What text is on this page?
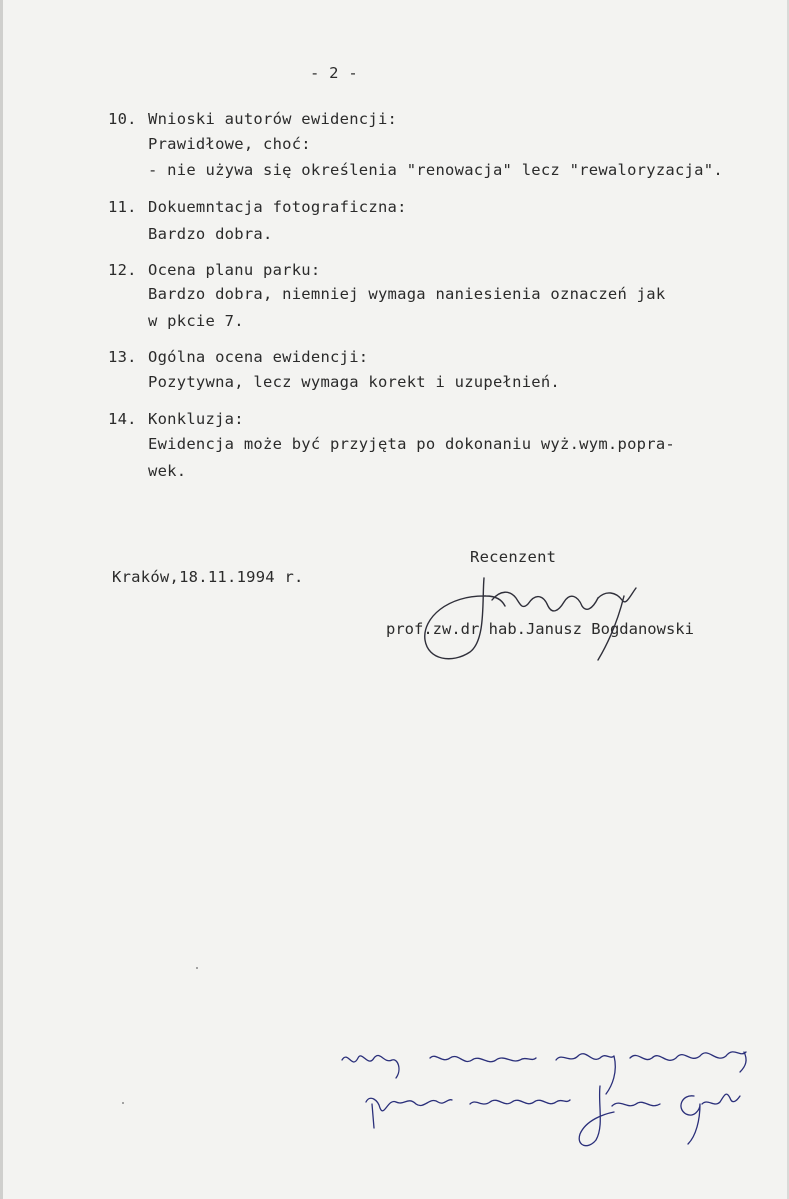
- 2 -
10. Wnioski autorów ewidencji:
Prawidłowe, choć:
- nie używa się określenia "renowacja" lecz "rewaloryzacja".
11. Dokuemntacja fotograficzna:
Bardzo dobra.
12. Ocena planu parku:
Bardzo dobra, niemniej wymaga naniesienia oznaczeń jak
w pkcie 7.
13. Ogólna ocena ewidencji:
Pozytywna, lecz wymaga korekt i uzupełnień.
14. Konkluzja:
Ewidencja może być przyjęta po dokonaniu wyż.wym.popra-
wek.
Recenzent
Kraków,18.11.1994 r.
prof.zw.dr hab.Janusz Bogdanowski
